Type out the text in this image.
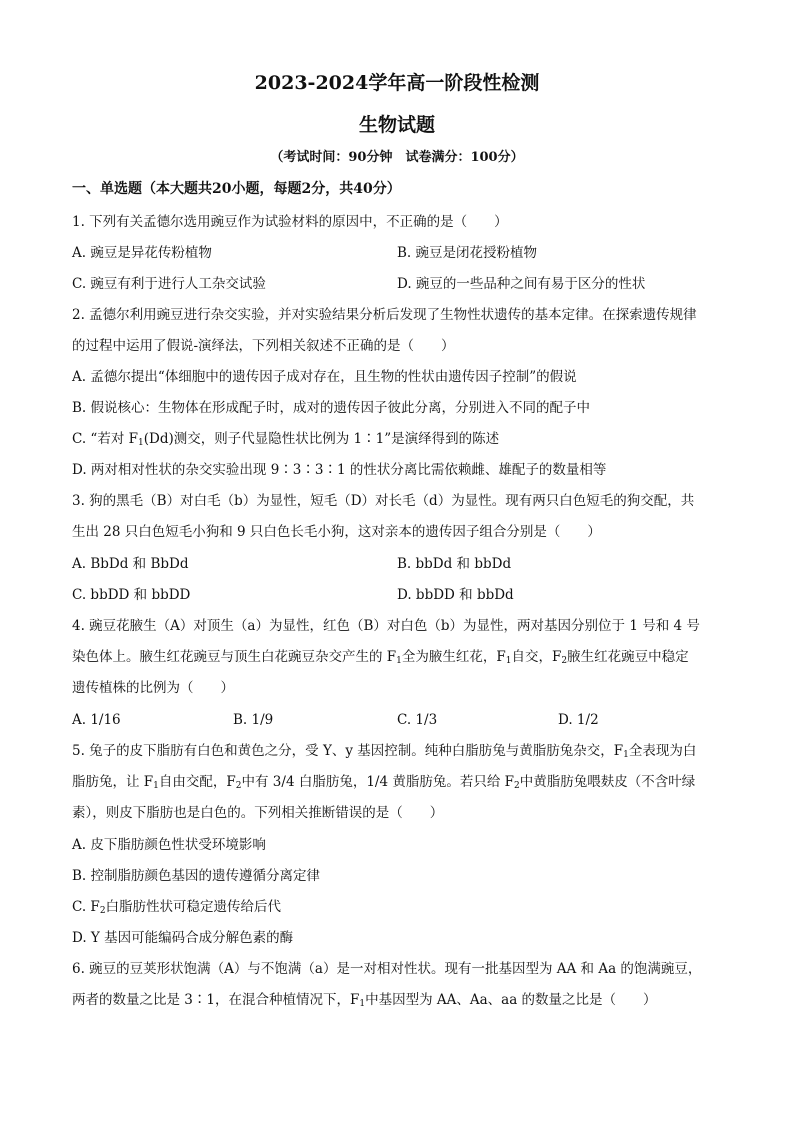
2023-2024学年高一阶段性检测
生物试题
（考试时间：90分钟　试卷满分：100分）
一、单选题（本大题共20小题，每题2分，共40分）
1. 下列有关孟德尔选用豌豆作为试验材料的原因中，不正确的是（　　）
A. 豌豆是异花传粉植物	B. 豌豆是闭花授粉植物
C. 豌豆有利于进行人工杂交试验	D. 豌豆的一些品种之间有易于区分的性状
2. 孟德尔利用豌豆进行杂交实验，并对实验结果分析后发现了生物性状遗传的基本定律。在探索遗传规律
的过程中运用了假说-演绎法，下列相关叙述不正确的是（　　）
A. 孟德尔提出“体细胞中的遗传因子成对存在，且生物的性状由遗传因子控制”的假说
B. 假说核心：生物体在形成配子时，成对的遗传因子彼此分离，分别进入不同的配子中
C. “若对 $F_1(Dd)$测交，则子代显隐性状比例为 1∶1”是演绎得到的陈述
D. 两对相对性状的杂交实验出现 9∶3∶3∶1 的性状分离比需依赖雌、雄配子的数量相等
3. 狗的黑毛（B）对白毛（b）为显性，短毛（D）对长毛（d）为显性。现有两只白色短毛的狗交配，共
生出 28 只白色短毛小狗和 9 只白色长毛小狗，这对亲本的遗传因子组合分别是（　　）
A. BbDd 和 BbDd	B. bbDd 和 bbDd
C. bbDD 和 bbDD	D. bbDD 和 bbDd
4. 豌豆花腋生（A）对顶生（a）为显性，红色（B）对白色（b）为显性，两对基因分别位于 1 号和 4 号
染色体上。腋生红花豌豆与顶生白花豌豆杂交产生的 $F_1$全为腋生红花，$F_1$自交，$F_2$腋生红花豌豆中稳定
遗传植株的比例为（　　）
A. 1/16	B. 1/9	C. 1/3	D. 1/2
5. 兔子的皮下脂肪有白色和黄色之分，受 Y、y 基因控制。纯种白脂肪兔与黄脂肪兔杂交，$F_1$全表现为白
脂肪兔，让 $F_1$自由交配，$F_2$中有 3/4 白脂肪兔，1/4 黄脂肪兔。若只给 $F_2$中黄脂肪兔喂麸皮（不含叶绿
素），则皮下脂肪也是白色的。下列相关推断错误的是（　　）
A. 皮下脂肪颜色性状受环境影响
B. 控制脂肪颜色基因的遗传遵循分离定律
C. $F_2$白脂肪性状可稳定遗传给后代
D. Y 基因可能编码合成分解色素的酶
6. 豌豆的豆荚形状饱满（A）与不饱满（a）是一对相对性状。现有一批基因型为 AA 和 Aa 的饱满豌豆，
两者的数量之比是 3∶1，在混合种植情况下，$F_1$中基因型为 AA、Aa、aa 的数量之比是（　　）
